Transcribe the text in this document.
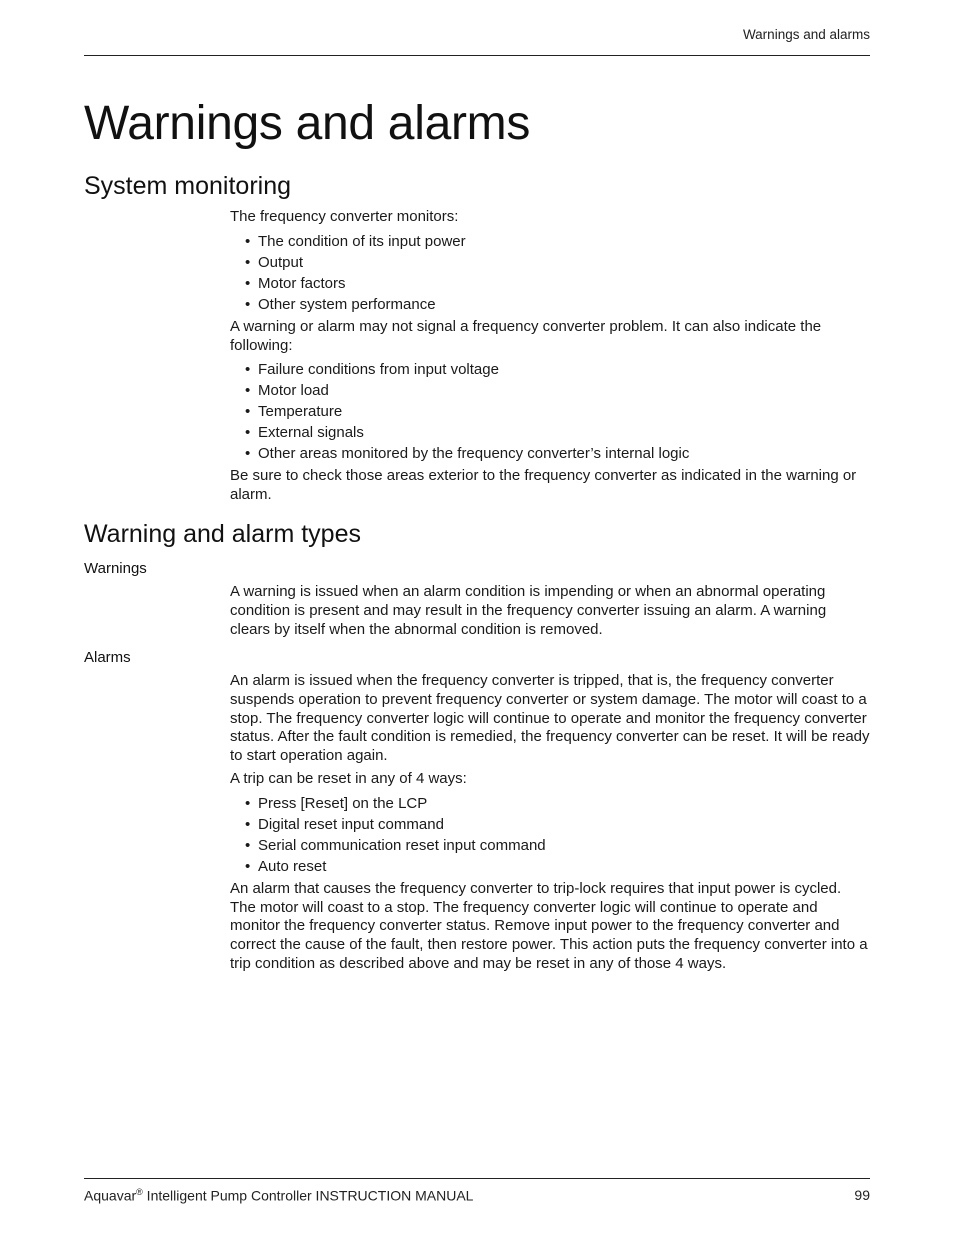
Warnings and alarms
Warnings and alarms
System monitoring

The frequency converter monitors:

• The condition of its input power
• Output
• Motor factors
• Other system performance

A warning or alarm may not signal a frequency converter problem. It can also indicate the following:

• Failure conditions from input voltage
• Motor load
• Temperature
• External signals
• Other areas monitored by the frequency converter’s internal logic

Be sure to check those areas exterior to the frequency converter as indicated in the warning or alarm.

Warning and alarm types
Warnings

A warning is issued when an alarm condition is impending or when an abnormal operating condition is present and may result in the frequency converter issuing an alarm. A warning clears by itself when the abnormal condition is removed.

Alarms

An alarm is issued when the frequency converter is tripped, that is, the frequency converter suspends operation to prevent frequency converter or system damage. The motor will coast to a stop. The frequency converter logic will continue to operate and monitor the frequency converter status. After the fault condition is remedied, the frequency converter can be reset. It will be ready to start operation again.

A trip can be reset in any of 4 ways:

• Press [Reset] on the LCP
• Digital reset input command
• Serial communication reset input command
• Auto reset

An alarm that causes the frequency converter to trip-lock requires that input power is cycled. The motor will coast to a stop. The frequency converter logic will continue to operate and monitor the frequency converter status. Remove input power to the frequency converter and correct the cause of the fault, then restore power. This action puts the frequency converter into a trip condition as described above and may be reset in any of those 4 ways.

Aquavar® Intelligent Pump Controller INSTRUCTION MANUAL	99
